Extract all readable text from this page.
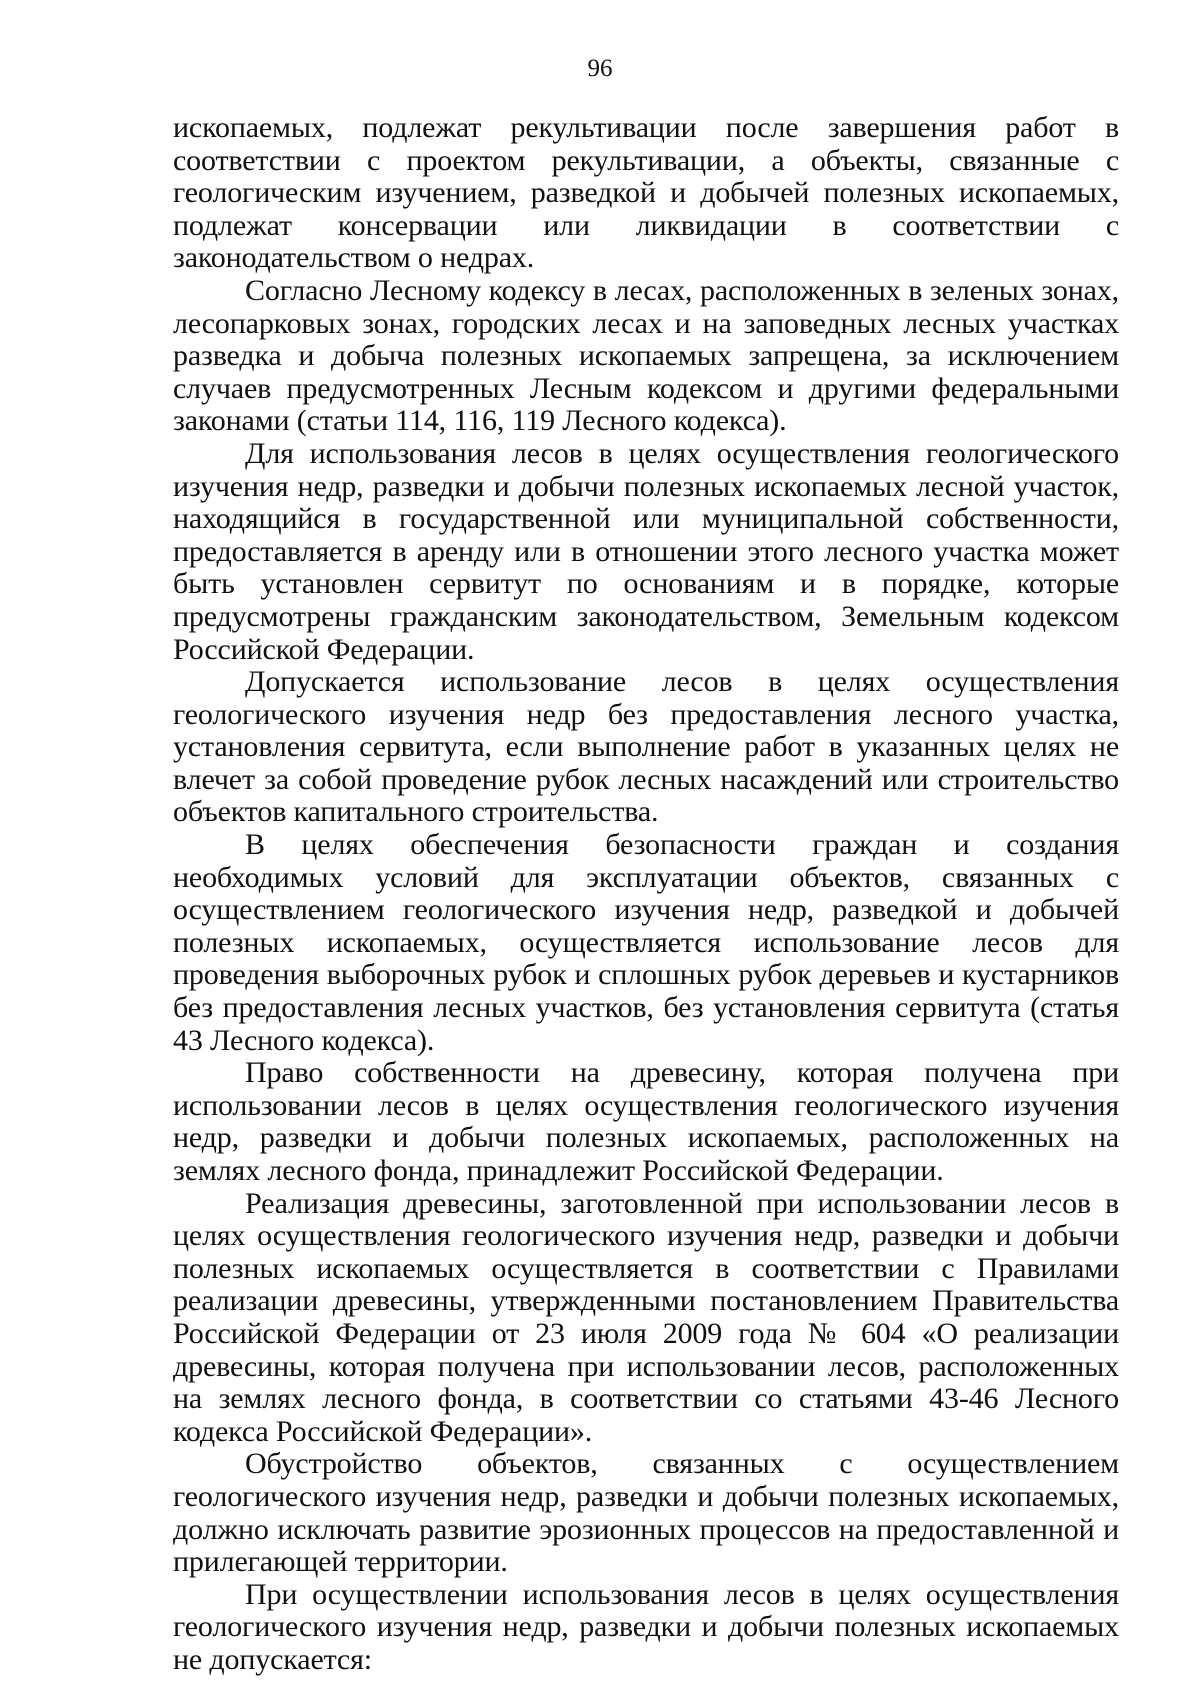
96

ископаемых, подлежат рекультивации после завершения работ в соответствии с проектом рекультивации, а объекты, связанные с геологическим изучением, разведкой и добычей полезных ископаемых, подлежат консервации или ликвидации в соответствии с законодательством о недрах.

Согласно Лесному кодексу в лесах, расположенных в зеленых зонах, лесопарковых зонах, городских лесах и на заповедных лесных участках разведка и добыча полезных ископаемых запрещена, за исключением случаев предусмотренных Лесным кодексом и другими федеральными законами (статьи 114, 116, 119 Лесного кодекса).

Для использования лесов в целях осуществления геологического изучения недр, разведки и добычи полезных ископаемых лесной участок, находящийся в государственной или муниципальной собственности, предоставляется в аренду или в отношении этого лесного участка может быть установлен сервитут по основаниям и в порядке, которые предусмотрены гражданским законодательством, Земельным кодексом Российской Федерации.

Допускается использование лесов в целях осуществления геологического изучения недр без предоставления лесного участка, установления сервитута, если выполнение работ в указанных целях не влечет за собой проведение рубок лесных насаждений или строительство объектов капитального строительства.

В целях обеспечения безопасности граждан и создания необходимых условий для эксплуатации объектов, связанных с осуществлением геологического изучения недр, разведкой и добычей полезных ископаемых, осуществляется использование лесов для проведения выборочных рубок и сплошных рубок деревьев и кустарников без предоставления лесных участков, без установления сервитута (статья 43 Лесного кодекса).

Право собственности на древесину, которая получена при использовании лесов в целях осуществления геологического изучения недр, разведки и добычи полезных ископаемых, расположенных на землях лесного фонда, принадлежит Российской Федерации.

Реализация древесины, заготовленной при использовании лесов в целях осуществления геологического изучения недр, разведки и добычи полезных ископаемых осуществляется в соответствии с Правилами реализации древесины, утвержденными постановлением Правительства Российской Федерации от 23 июля 2009 года № 604 «О реализации древесины, которая получена при использовании лесов, расположенных на землях лесного фонда, в соответствии со статьями 43-46 Лесного кодекса Российской Федерации».

Обустройство объектов, связанных с осуществлением геологического изучения недр, разведки и добычи полезных ископаемых, должно исключать развитие эрозионных процессов на предоставленной и прилегающей территории.

При осуществлении использования лесов в целях осуществления геологического изучения недр, разведки и добычи полезных ископаемых не допускается:
